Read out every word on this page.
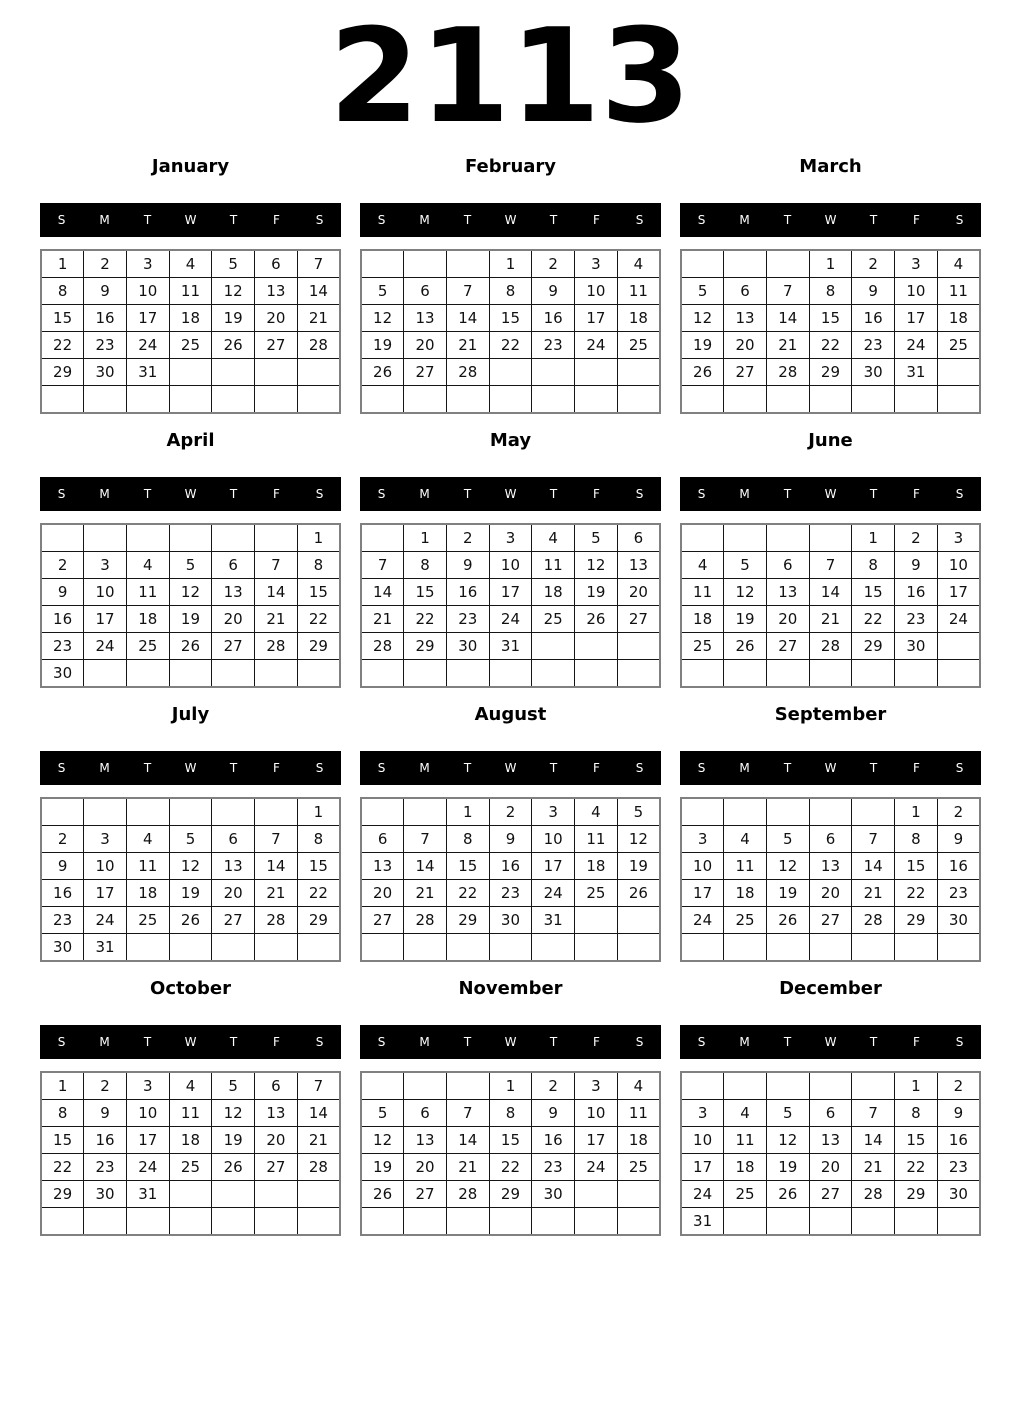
2113
January
S	M	T	W	T	F	S
1	2	3	4	5	6	7
8	9	10	11	12	13	14
15	16	17	18	19	20	21
22	23	24	25	26	27	28
29	30	31				

February
S	M	T	W	T	F	S
			1	2	3	4
5	6	7	8	9	10	11
12	13	14	15	16	17	18
19	20	21	22	23	24	25
26	27	28				

March
S	M	T	W	T	F	S
			1	2	3	4
5	6	7	8	9	10	11
12	13	14	15	16	17	18
19	20	21	22	23	24	25
26	27	28	29	30	31	

April
S	M	T	W	T	F	S
						1
2	3	4	5	6	7	8
9	10	11	12	13	14	15
16	17	18	19	20	21	22
23	24	25	26	27	28	29
30						
May
S	M	T	W	T	F	S
	1	2	3	4	5	6
7	8	9	10	11	12	13
14	15	16	17	18	19	20
21	22	23	24	25	26	27
28	29	30	31			

June
S	M	T	W	T	F	S
				1	2	3
4	5	6	7	8	9	10
11	12	13	14	15	16	17
18	19	20	21	22	23	24
25	26	27	28	29	30	

July
S	M	T	W	T	F	S
						1
2	3	4	5	6	7	8
9	10	11	12	13	14	15
16	17	18	19	20	21	22
23	24	25	26	27	28	29
30	31					
August
S	M	T	W	T	F	S
		1	2	3	4	5
6	7	8	9	10	11	12
13	14	15	16	17	18	19
20	21	22	23	24	25	26
27	28	29	30	31		

September
S	M	T	W	T	F	S
					1	2
3	4	5	6	7	8	9
10	11	12	13	14	15	16
17	18	19	20	21	22	23
24	25	26	27	28	29	30

October
S	M	T	W	T	F	S
1	2	3	4	5	6	7
8	9	10	11	12	13	14
15	16	17	18	19	20	21
22	23	24	25	26	27	28
29	30	31				

November
S	M	T	W	T	F	S
			1	2	3	4
5	6	7	8	9	10	11
12	13	14	15	16	17	18
19	20	21	22	23	24	25
26	27	28	29	30		

December
S	M	T	W	T	F	S
					1	2
3	4	5	6	7	8	9
10	11	12	13	14	15	16
17	18	19	20	21	22	23
24	25	26	27	28	29	30
31						
